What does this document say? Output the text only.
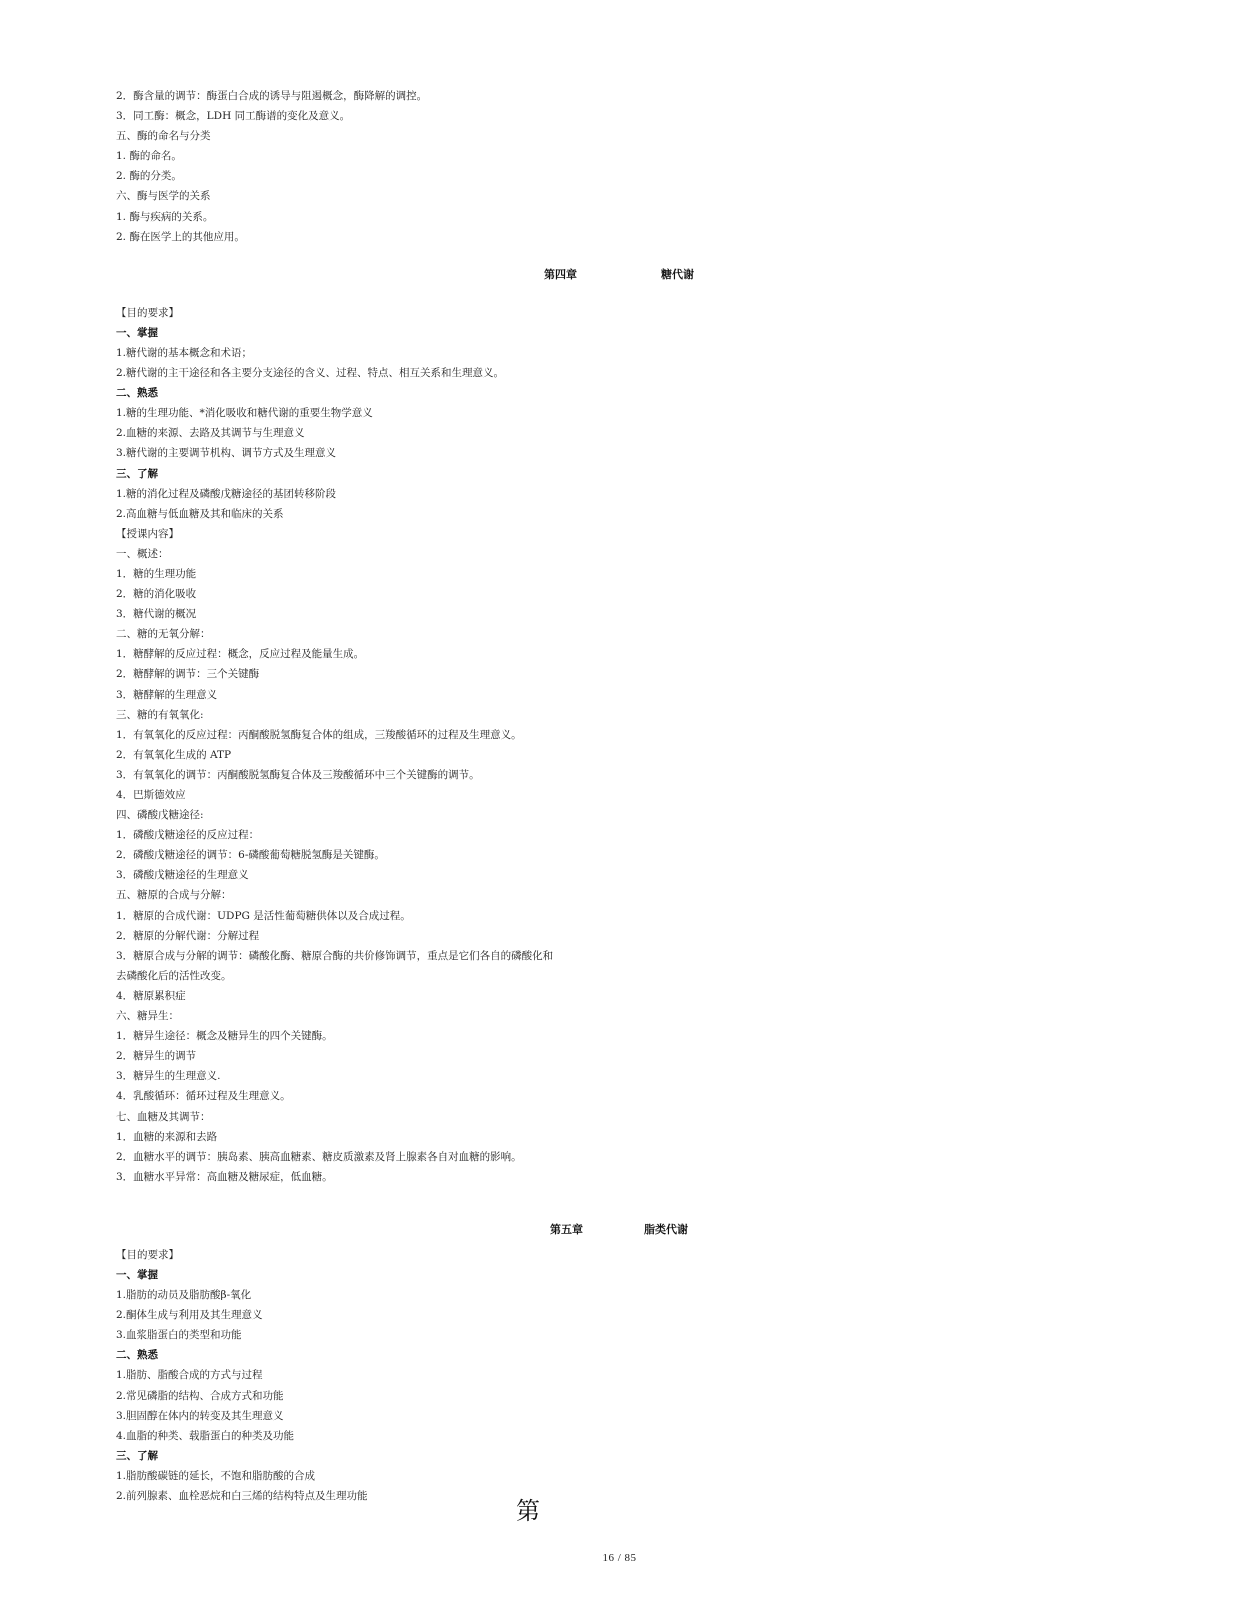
2．酶含量的调节：酶蛋白合成的诱导与阻遏概念，酶降解的调控。
3．同工酶：概念，LDH 同工酶谱的变化及意义。
五、酶的命名与分类
1. 酶的命名。
2. 酶的分类。
六、酶与医学的关系
1. 酶与疾病的关系。
2. 酶在医学上的其他应用。
第四章	糖代谢
【目的要求】
一、掌握
1.糖代谢的基本概念和术语；
2.糖代谢的主干途径和各主要分支途径的含义、过程、特点、相互关系和生理意义。
二、熟悉
1.糖的生理功能、*消化吸收和糖代谢的重要生物学意义
2.血糖的来源、去路及其调节与生理意义
3.糖代谢的主要调节机构、调节方式及生理意义
三、了解
1.糖的消化过程及磷酸戊糖途径的基团转移阶段
2.高血糖与低血糖及其和临床的关系
【授课内容】
一、概述：
1．糖的生理功能
2．糖的消化吸收
3．糖代谢的概况
二、糖的无氧分解：
1．糖酵解的反应过程：概念，反应过程及能量生成。
2．糖酵解的调节：三个关键酶
3．糖酵解的生理意义
三、糖的有氧氧化:
1．有氧氧化的反应过程：丙酮酸脱氢酶复合体的组成，三羧酸循环的过程及生理意义。
2．有氧氧化生成的 ATP
3．有氧氧化的调节：丙酮酸脱氢酶复合体及三羧酸循环中三个关键酶的调节。
4．巴斯德效应
四、磷酸戊糖途径:
1．磷酸戊糖途径的反应过程：
2．磷酸戊糖途径的调节：6-磷酸葡萄糖脱氢酶是关键酶。
3．磷酸戊糖途径的生理意义
五、糖原的合成与分解：
1．糖原的合成代谢：UDPG 是活性葡萄糖供体以及合成过程。
2．糖原的分解代谢：分解过程
3．糖原合成与分解的调节：磷酸化酶、糖原合酶的共价修饰调节，重点是它们各自的磷酸化和
去磷酸化后的活性改变。
4．糖原累积症
六、糖异生：
1．糖异生途径：概念及糖异生的四个关键酶。
2．糖异生的调节
3．糖异生的生理意义.
4．乳酸循环：循环过程及生理意义。
七、血糖及其调节：
1．血糖的来源和去路
2．血糖水平的调节：胰岛素、胰高血糖素、糖皮质激素及肾上腺素各自对血糖的影响。
3．血糖水平异常：高血糖及糖尿症，低血糖。
第五章	脂类代谢
【目的要求】
一、掌握
1.脂肪的动员及脂肪酸β-氧化
2.酮体生成与利用及其生理意义
3.血浆脂蛋白的类型和功能
二、熟悉
1.脂肪、脂酸合成的方式与过程
2.常见磷脂的结构、合成方式和功能
3.胆固醇在体内的转变及其生理意义
4.血脂的种类、载脂蛋白的种类及功能
三、了解
1.脂肪酸碳链的延长，不饱和脂肪酸的合成
2.前列腺素、血栓恶烷和白三烯的结构特点及生理功能
第
16 / 85
